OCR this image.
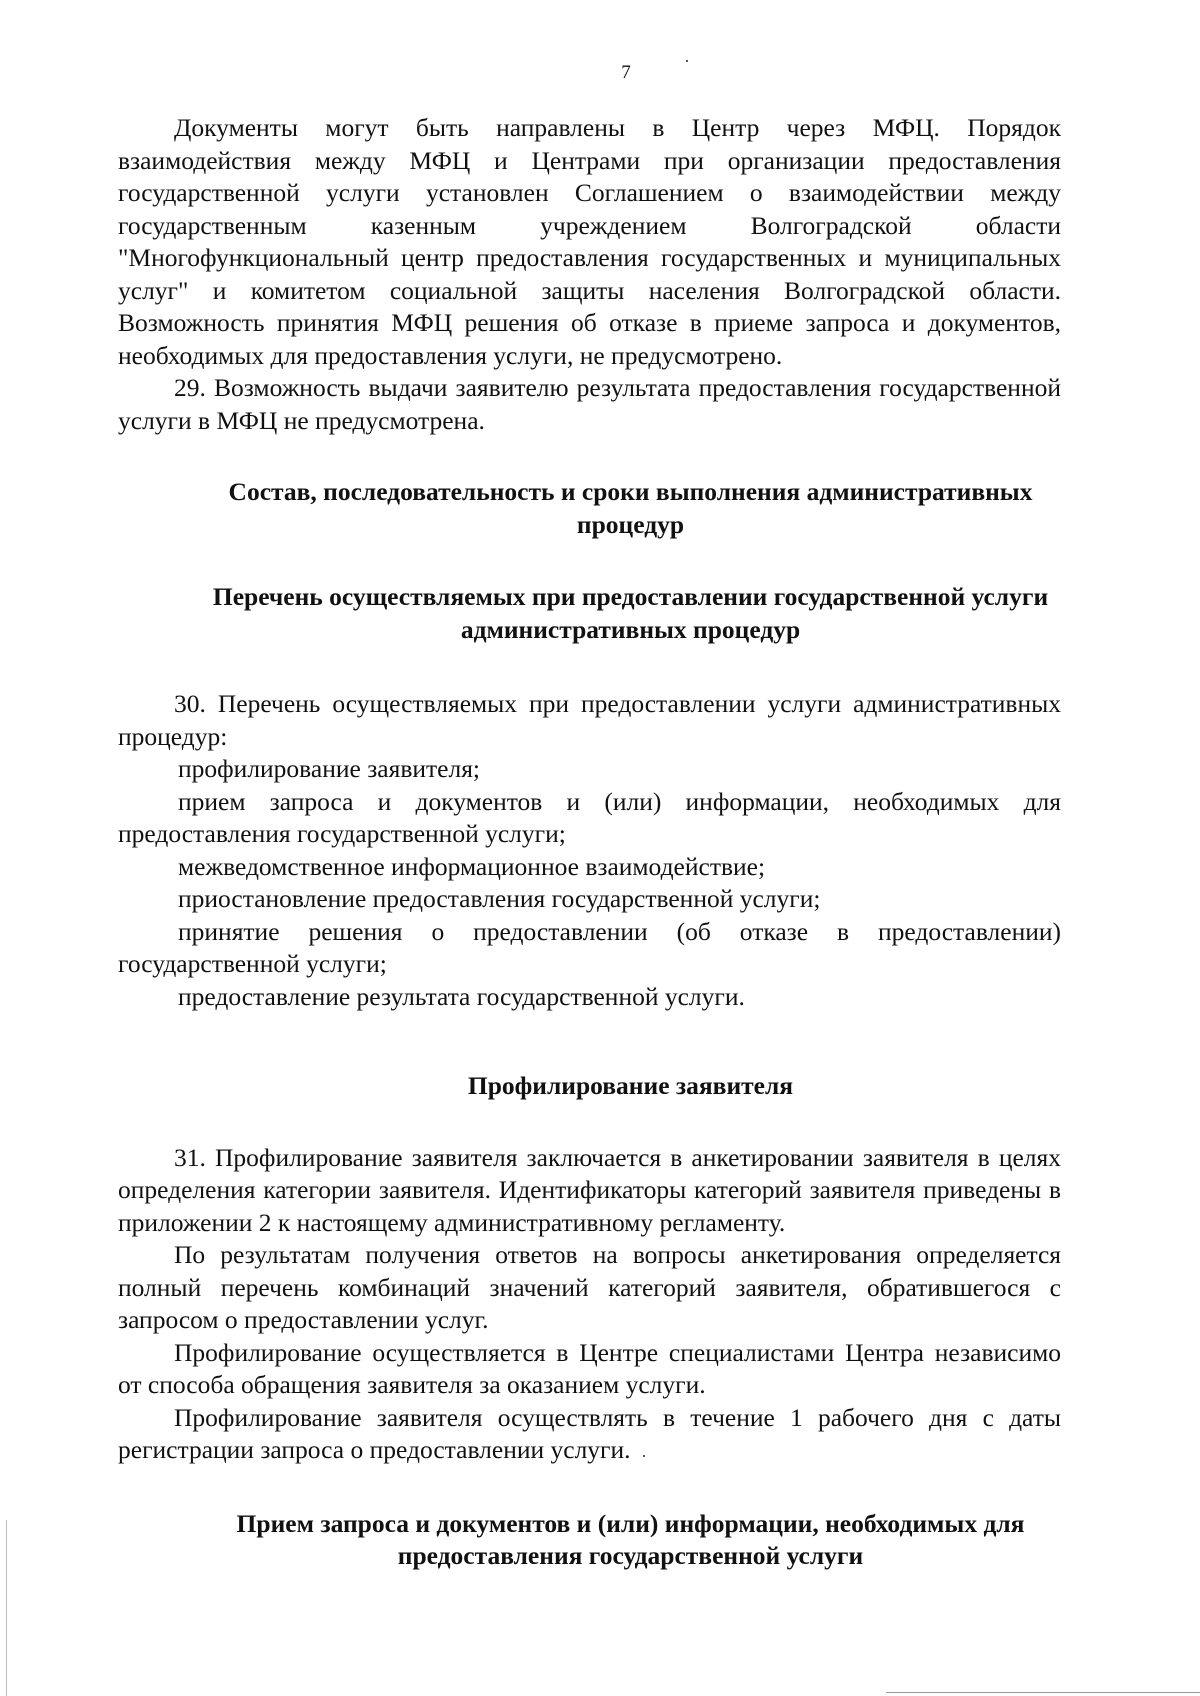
7

Документы могут быть направлены в Центр через МФЦ. Порядок взаимодействия между МФЦ и Центрами при организации предоставления государственной услуги установлен Соглашением о взаимодействии между государственным казенным учреждением Волгоградской области "Многофункциональный центр предоставления государственных и муниципальных услуг" и комитетом социальной защиты населения Волгоградской области. Возможность принятия МФЦ решения об отказе в приеме запроса и документов, необходимых для предоставления услуги, не предусмотрено.

29. Возможность выдачи заявителю результата предоставления государственной услуги в МФЦ не предусмотрена.

Состав, последовательность и сроки выполнения административных процедур
Перечень осуществляемых при предоставлении государственной услуги административных процедур

30. Перечень осуществляемых при предоставлении услуги административных процедур:

профилирование заявителя;

прием запроса и документов и (или) информации, необходимых для предоставления государственной услуги;

межведомственное информационное взаимодействие;

приостановление предоставления государственной услуги;

принятие решения о предоставлении (об отказе в предоставлении) государственной услуги;

предоставление результата государственной услуги.

Профилирование заявителя

31. Профилирование заявителя заключается в анкетировании заявителя в целях определения категории заявителя. Идентификаторы категорий заявителя приведены в приложении 2 к настоящему административному регламенту.

По результатам получения ответов на вопросы анкетирования определяется полный перечень комбинаций значений категорий заявителя, обратившегося с запросом о предоставлении услуг.

Профилирование осуществляется в Центре специалистами Центра независимо от способа обращения заявителя за оказанием услуги.

Профилирование заявителя осуществлять в течение 1 рабочего дня с даты регистрации запроса о предоставлении услуги.

Прием запроса и документов и (или) информации, необходимых для предоставления государственной услуги
